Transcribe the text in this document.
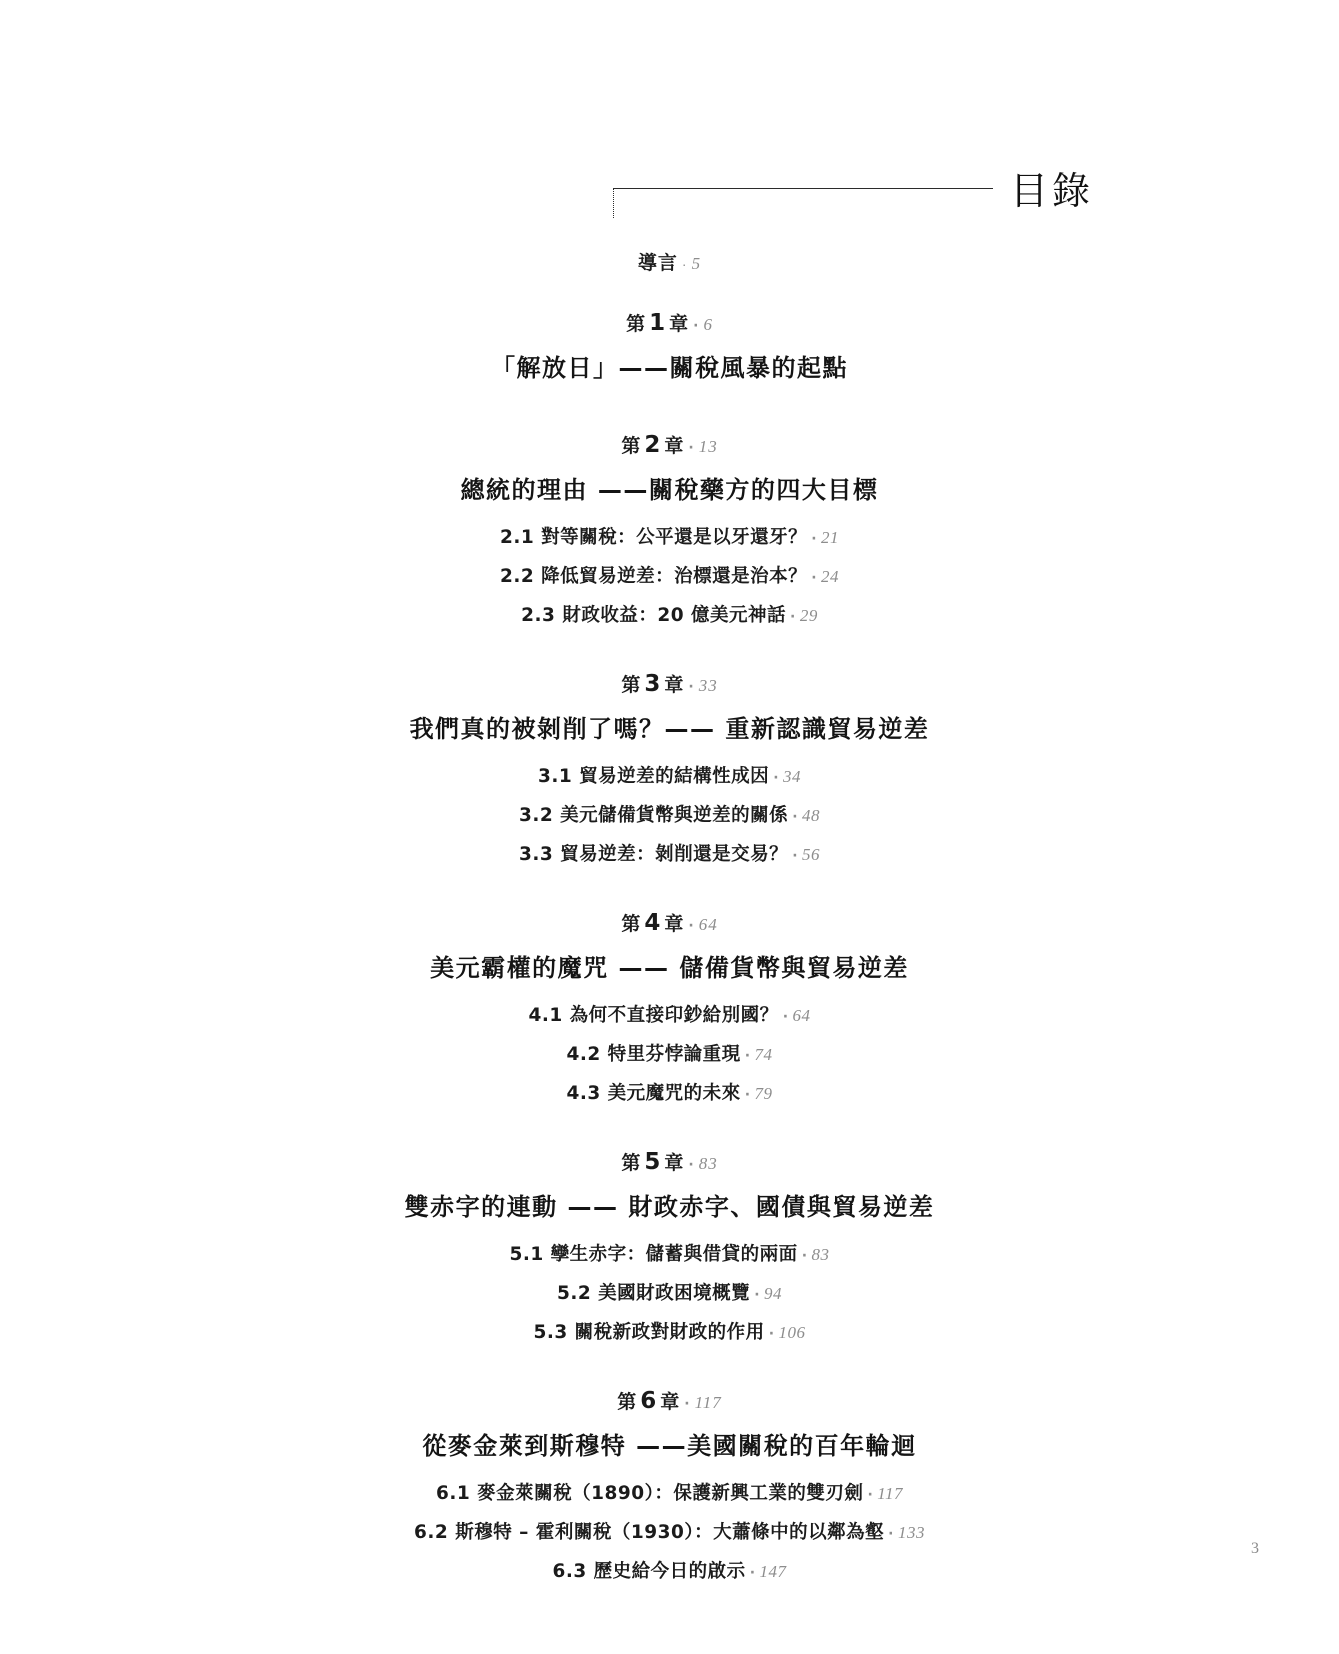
目錄
導言 · 5
第 1 章 · 6
「解放日」——關稅風暴的起點
第 2 章 · 13
總統的理由 ——關稅藥方的四大目標
2.1 對等關稅：公平還是以牙還牙？ · 21
2.2 降低貿易逆差：治標還是治本？ · 24
2.3 財政收益：20 億美元神話 · 29
第 3 章 · 33
我們真的被剝削了嗎？—— 重新認識貿易逆差
3.1 貿易逆差的結構性成因 · 34
3.2 美元儲備貨幣與逆差的關係 · 48
3.3 貿易逆差：剝削還是交易？ · 56
第 4 章 · 64
美元霸權的魔咒 —— 儲備貨幣與貿易逆差
4.1 為何不直接印鈔給別國？ · 64
4.2 特里芬悖論重現 · 74
4.3 美元魔咒的未來 · 79
第 5 章 · 83
雙赤字的連動 —— 財政赤字、國債與貿易逆差
5.1 孿生赤字：儲蓄與借貸的兩面 · 83
5.2 美國財政困境概覽 · 94
5.3 關稅新政對財政的作用 · 106
第 6 章 · 117
從麥金萊到斯穆特 ——美國關稅的百年輪迴
6.1 麥金萊關稅（1890）：保護新興工業的雙刃劍 · 117
6.2 斯穆特 – 霍利關稅（1930）：大蕭條中的以鄰為壑 · 133
6.3 歷史給今日的啟示 · 147
3
